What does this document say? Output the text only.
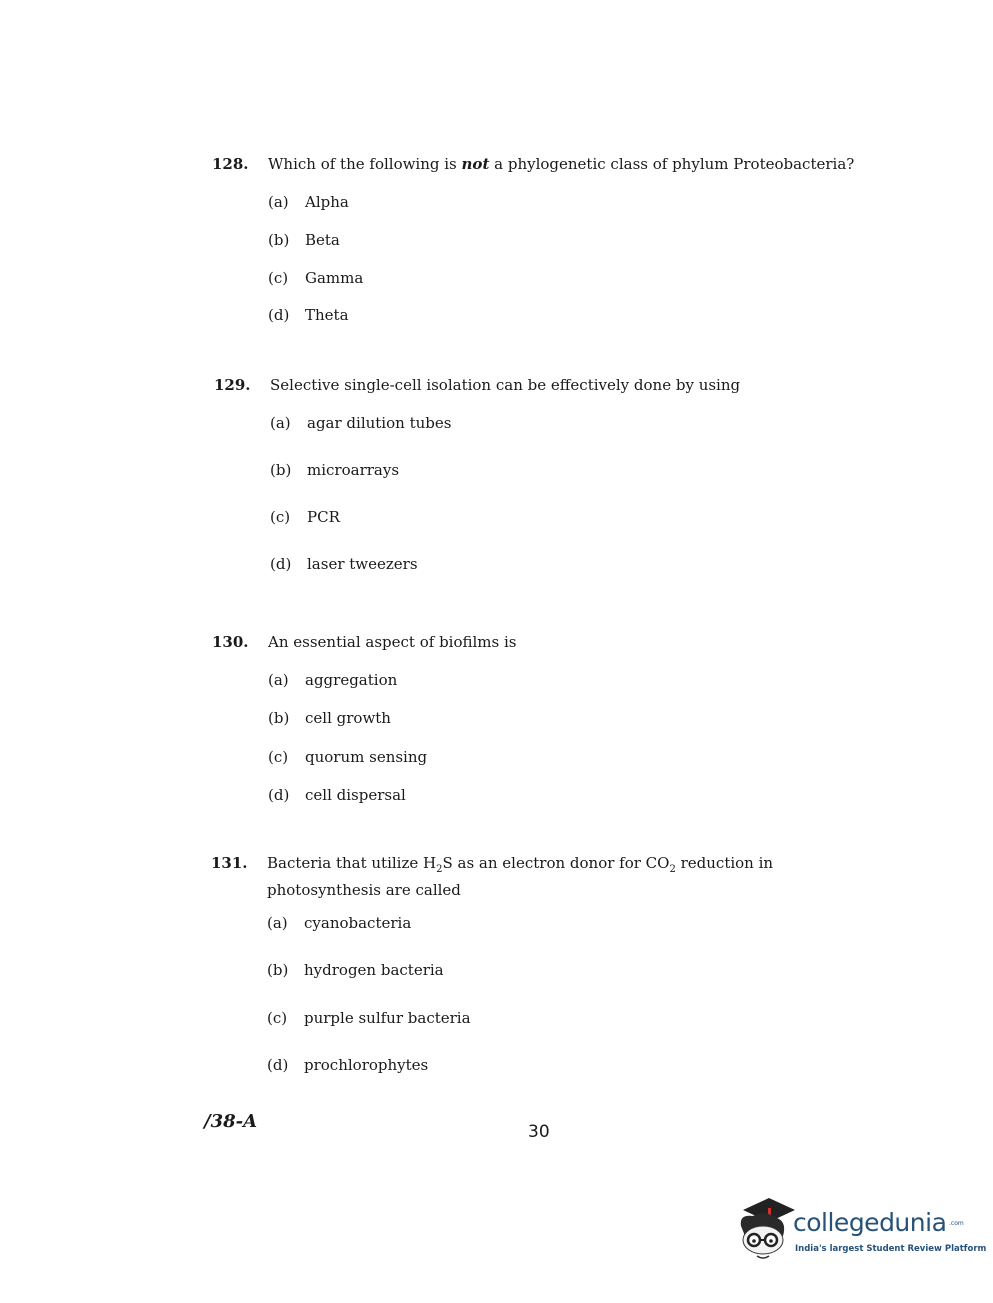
128. Which of the following is not a phylogenetic class of phylum Proteobacteria?
(a) Alpha
(b) Beta
(c) Gamma
(d) Theta
129. Selective single-cell isolation can be effectively done by using
(a) agar dilution tubes
(b) microarrays
(c) PCR
(d) laser tweezers
130. An essential aspect of biofilms is
(a) aggregation
(b) cell growth
(c) quorum sensing
(d) cell dispersal
131. Bacteria that utilize $H_2S$ as an electron donor for $CO_2$ reduction in photosynthesis are called
(a) cyanobacteria
(b) hydrogen bacteria
(c) purple sulfur bacteria
(d) prochlorophytes
/38-A	30
collegedunia .com
India's largest Student Review Platform
